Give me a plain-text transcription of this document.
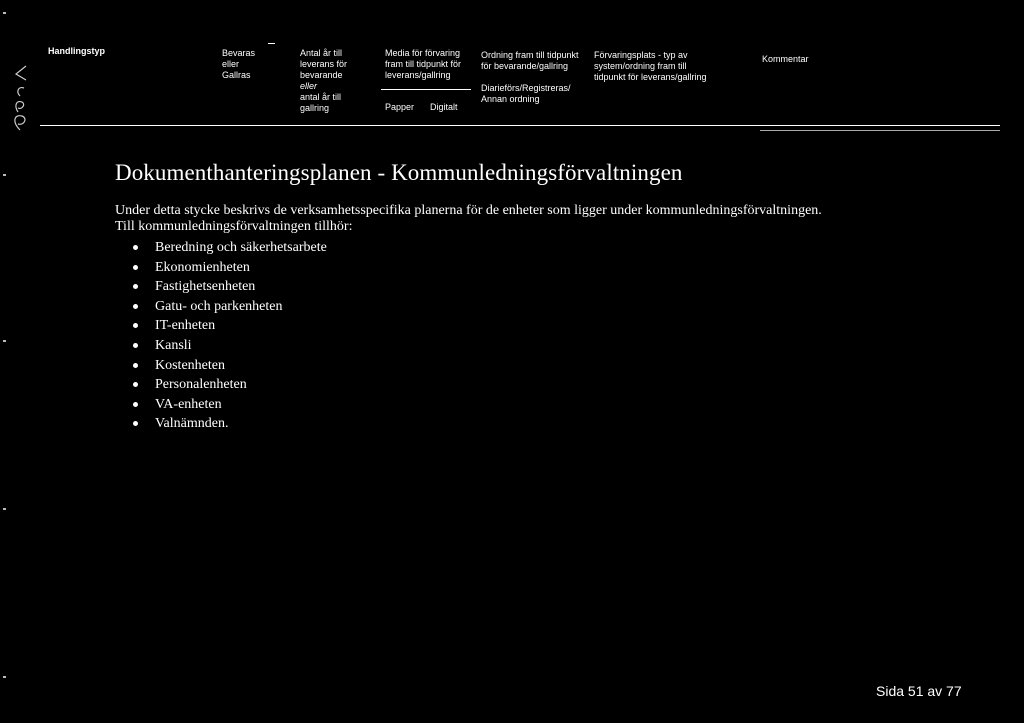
Handlingstyp	Bevaras
eller
Gallras
Antal år till
leverans för
bevarande
eller
antal år till
gallring
Media för förvaring
fram till tidpunkt för
leverans/gallring
Papper Digitalt
Ordning fram till tidpunkt
för bevarande/gallring
Diarieförs/Registreras/
Annan ordning
Förvaringsplats - typ av
system/ordning fram till
tidpunkt för leverans/gallring
Kommentar
Dokumenthanteringsplanen - Kommunledningsförvaltningen
Under detta stycke beskrivs de verksamhetsspecifika planerna för de enheter som ligger under kommunledningsförvaltningen.
Till kommunledningsförvaltningen tillhör:
Beredning och säkerhetsarbete
Ekonomienheten
Fastighetsenheten
Gatu- och parkenheten
IT-enheten
Kansli
Kostenheten
Personalenheten
VA-enheten
Valnämnden.
Sida 51 av 77
